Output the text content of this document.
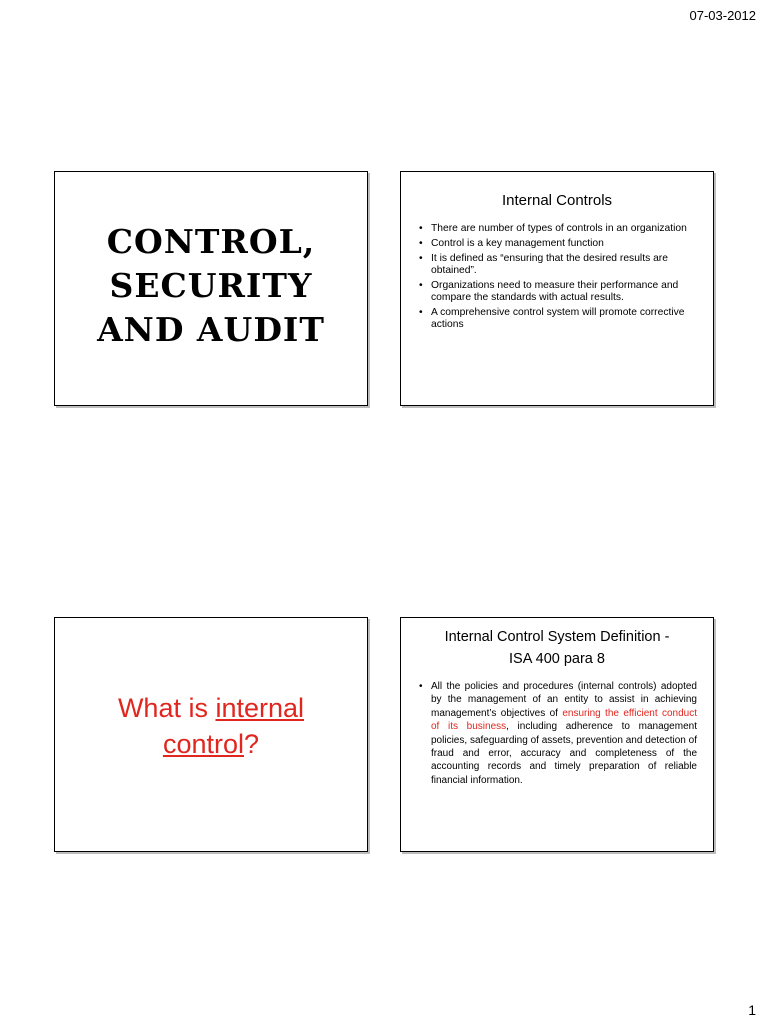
07-03-2012
CONTROL,
SECURITY
AND AUDIT
Internal Controls
• There are number of types of controls in an organization
• Control is a key management function
• It is defined as “ensuring that the desired results are obtained”.
• Organizations need to measure their performance and compare the standards with actual results.
• A comprehensive control system will promote corrective actions
What is internal
control?
Internal Control System Definition -
ISA 400 para 8
• All the policies and procedures (internal controls) adopted by the management of an entity to assist in achieving management’s objectives of ensuring the efficient conduct of its business, including adherence to management policies, safeguarding of assets, prevention and detection of fraud and error, accuracy and completeness of the accounting records and timely preparation of reliable financial information.
1
